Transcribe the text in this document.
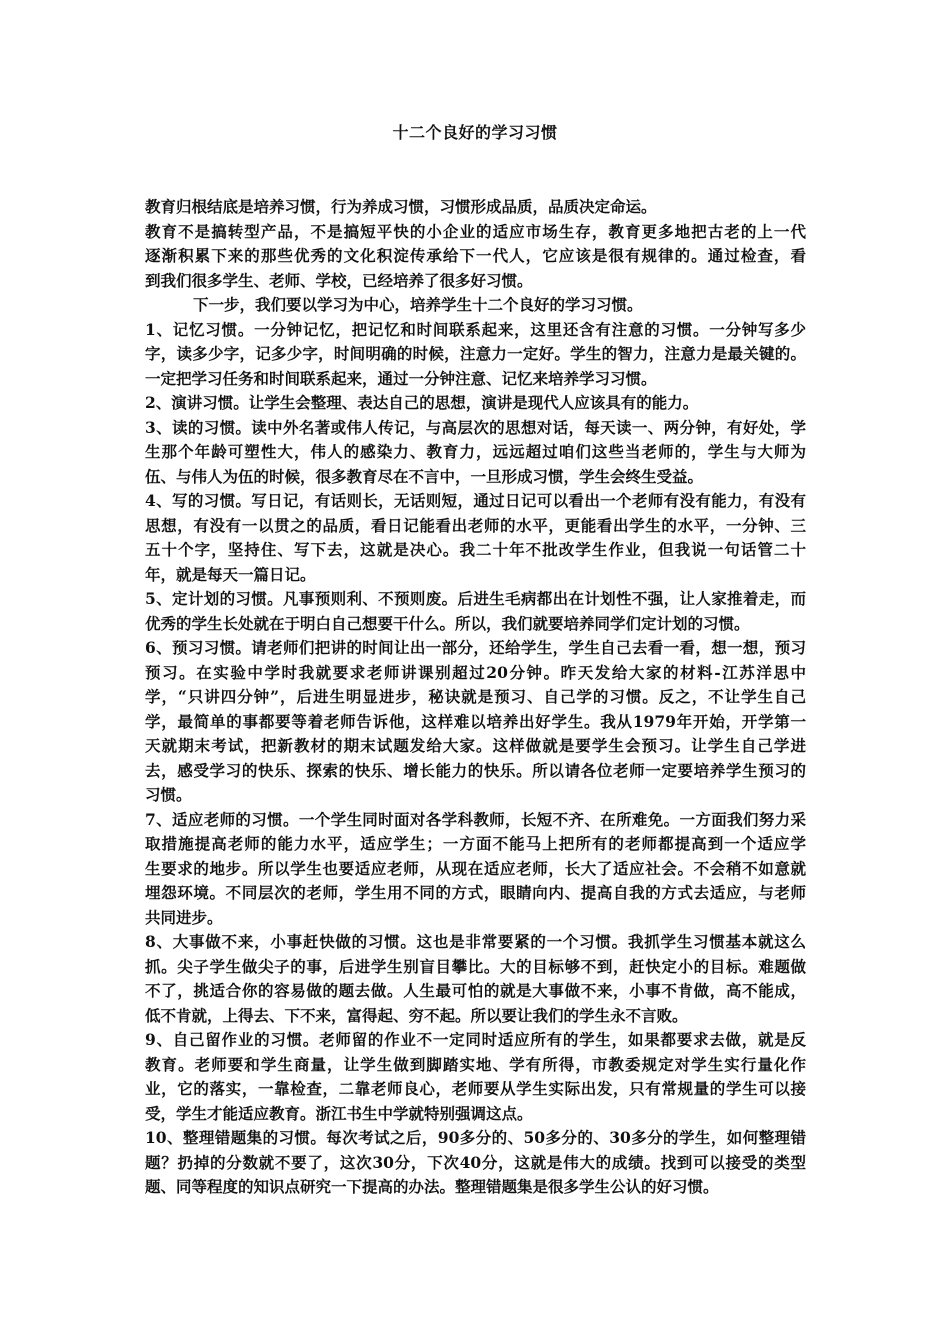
十二个良好的学习习惯
教育归根结底是培养习惯，行为养成习惯，习惯形成品质，品质决定命运。
教育不是搞转型产品，不是搞短平快的小企业的适应市场生存，教育更多地把古老的上一代
逐渐积累下来的那些优秀的文化积淀传承给下一代人，它应该是很有规律的。通过检查，看
到我们很多学生、老师、学校，已经培养了很多好习惯。
下一步，我们要以学习为中心，培养学生十二个良好的学习习惯。
1、记忆习惯。一分钟记忆，把记忆和时间联系起来，这里还含有注意的习惯。一分钟写多少
字，读多少字，记多少字，时间明确的时候，注意力一定好。学生的智力，注意力是最关键的。
一定把学习任务和时间联系起来，通过一分钟注意、记忆来培养学习习惯。
2、演讲习惯。让学生会整理、表达自己的思想，演讲是现代人应该具有的能力。
3、读的习惯。读中外名著或伟人传记，与高层次的思想对话，每天读一、两分钟，有好处，学
生那个年龄可塑性大，伟人的感染力、教育力，远远超过咱们这些当老师的，学生与大师为
伍、与伟人为伍的时候，很多教育尽在不言中，一旦形成习惯，学生会终生受益。
4、写的习惯。写日记，有话则长，无话则短，通过日记可以看出一个老师有没有能力，有没有
思想，有没有一以贯之的品质，看日记能看出老师的水平，更能看出学生的水平，一分钟、三
五十个字，坚持住、写下去，这就是决心。我二十年不批改学生作业，但我说一句话管二十
年，就是每天一篇日记。
5、定计划的习惯。凡事预则利、不预则废。后进生毛病都出在计划性不强，让人家推着走，而
优秀的学生长处就在于明白自己想要干什么。所以，我们就要培养同学们定计划的习惯。
6、预习习惯。请老师们把讲的时间让出一部分，还给学生，学生自己去看一看，想一想，预习
预习。在实验中学时我就要求老师讲课别超过20分钟。昨天发给大家的材料-江苏洋思中
学，“只讲四分钟”，后进生明显进步，秘诀就是预习、自己学的习惯。反之，不让学生自己
学，最简单的事都要等着老师告诉他，这样难以培养出好学生。我从1979年开始，开学第一
天就期末考试，把新教材的期末试题发给大家。这样做就是要学生会预习。让学生自己学进
去，感受学习的快乐、探索的快乐、增长能力的快乐。所以请各位老师一定要培养学生预习的
习惯。
7、适应老师的习惯。一个学生同时面对各学科教师，长短不齐、在所难免。一方面我们努力采
取措施提高老师的能力水平，适应学生；一方面不能马上把所有的老师都提高到一个适应学
生要求的地步。所以学生也要适应老师，从现在适应老师，长大了适应社会。不会稍不如意就
埋怨环境。不同层次的老师，学生用不同的方式，眼睛向内、提高自我的方式去适应，与老师
共同进步。
8、大事做不来，小事赶快做的习惯。这也是非常要紧的一个习惯。我抓学生习惯基本就这么
抓。尖子学生做尖子的事，后进学生别盲目攀比。大的目标够不到，赶快定小的目标。难题做
不了，挑适合你的容易做的题去做。人生最可怕的就是大事做不来，小事不肯做，高不能成，
低不肯就，上得去、下不来，富得起、穷不起。所以要让我们的学生永不言败。
9、自己留作业的习惯。老师留的作业不一定同时适应所有的学生，如果都要求去做，就是反
教育。老师要和学生商量，让学生做到脚踏实地、学有所得，市教委规定对学生实行量化作
业，它的落实，一靠检查，二靠老师良心，老师要从学生实际出发，只有常规量的学生可以接
受，学生才能适应教育。浙江书生中学就特别强调这点。
10、整理错题集的习惯。每次考试之后，90多分的、50多分的、30多分的学生，如何整理错
题？扔掉的分数就不要了，这次30分，下次40分，这就是伟大的成绩。找到可以接受的类型
题、同等程度的知识点研究一下提高的办法。整理错题集是很多学生公认的好习惯。
